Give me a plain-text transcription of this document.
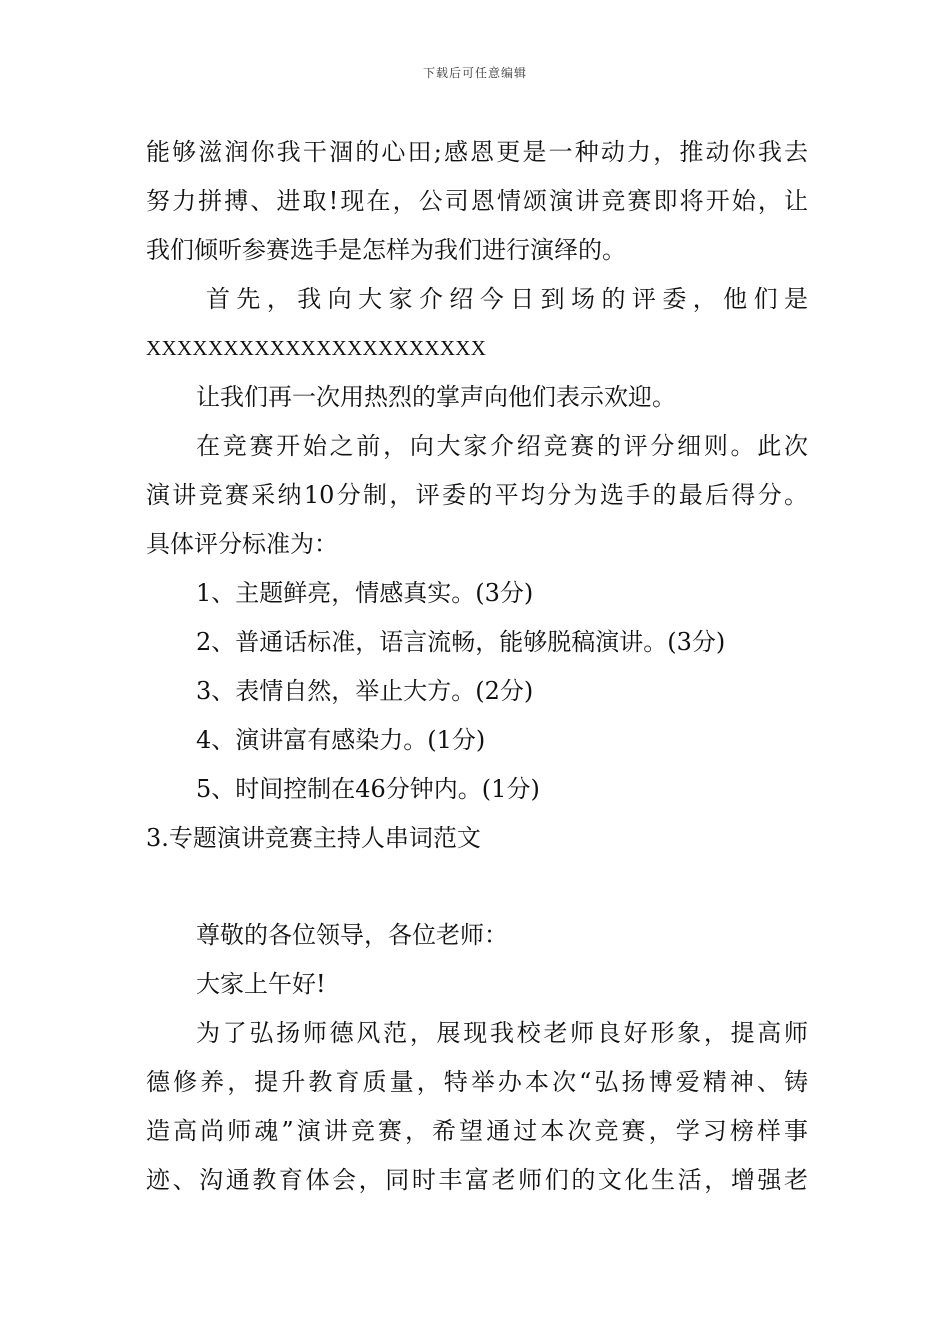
下载后可任意编辑
能够滋润你我干涸的心田;感恩更是一种动力，推动你我去
努力拼搏、进取!现在，公司恩情颂演讲竞赛即将开始，让
我们倾听参赛选手是怎样为我们进行演绎的。
首先，我向大家介绍今日到场的评委，他们是
XXXXXXXXXXXXXXXXXXXXXX
让我们再一次用热烈的掌声向他们表示欢迎。
在竞赛开始之前，向大家介绍竞赛的评分细则。此次
演讲竞赛采纳10分制，评委的平均分为选手的最后得分。
具体评分标准为：
1、主题鲜亮，情感真实。(3分)
2、普通话标准，语言流畅，能够脱稿演讲。(3分)
3、表情自然，举止大方。(2分)
4、演讲富有感染力。(1分)
5、时间控制在46分钟内。(1分)
3.专题演讲竞赛主持人串词范文
尊敬的各位领导，各位老师：
大家上午好!
为了弘扬师德风范，展现我校老师良好形象，提高师
德修养，提升教育质量，特举办本次“弘扬博爱精神、铸
造高尚师魂”演讲竞赛，希望通过本次竞赛，学习榜样事
迹、沟通教育体会，同时丰富老师们的文化生活，增强老
